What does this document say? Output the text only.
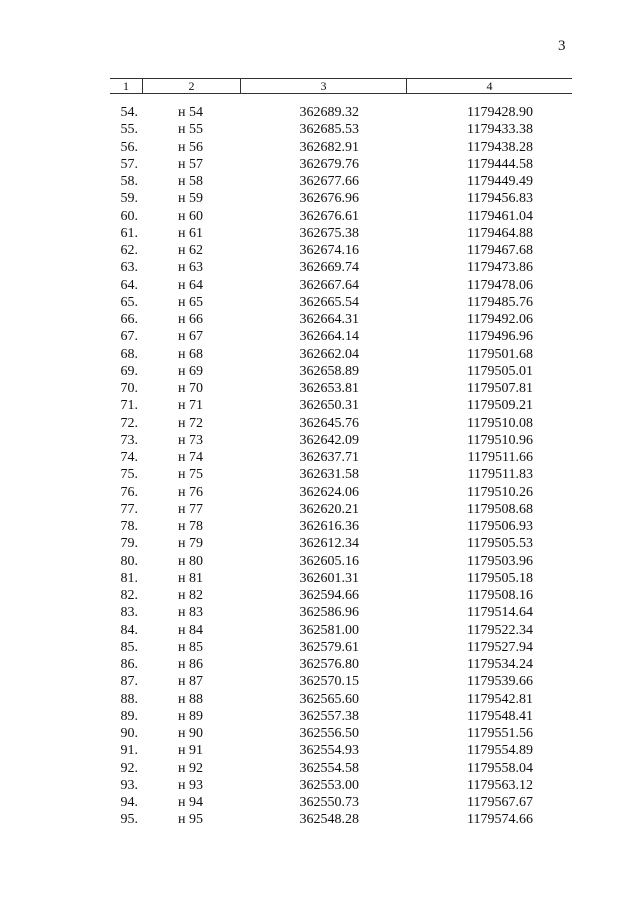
3
1	2	3	4
54.	н 54	362689.32	1179428.90
55.	н 55	362685.53	1179433.38
56.	н 56	362682.91	1179438.28
57.	н 57	362679.76	1179444.58
58.	н 58	362677.66	1179449.49
59.	н 59	362676.96	1179456.83
60.	н 60	362676.61	1179461.04
61.	н 61	362675.38	1179464.88
62.	н 62	362674.16	1179467.68
63.	н 63	362669.74	1179473.86
64.	н 64	362667.64	1179478.06
65.	н 65	362665.54	1179485.76
66.	н 66	362664.31	1179492.06
67.	н 67	362664.14	1179496.96
68.	н 68	362662.04	1179501.68
69.	н 69	362658.89	1179505.01
70.	н 70	362653.81	1179507.81
71.	н 71	362650.31	1179509.21
72.	н 72	362645.76	1179510.08
73.	н 73	362642.09	1179510.96
74.	н 74	362637.71	1179511.66
75.	н 75	362631.58	1179511.83
76.	н 76	362624.06	1179510.26
77.	н 77	362620.21	1179508.68
78.	н 78	362616.36	1179506.93
79.	н 79	362612.34	1179505.53
80.	н 80	362605.16	1179503.96
81.	н 81	362601.31	1179505.18
82.	н 82	362594.66	1179508.16
83.	н 83	362586.96	1179514.64
84.	н 84	362581.00	1179522.34
85.	н 85	362579.61	1179527.94
86.	н 86	362576.80	1179534.24
87.	н 87	362570.15	1179539.66
88.	н 88	362565.60	1179542.81
89.	н 89	362557.38	1179548.41
90.	н 90	362556.50	1179551.56
91.	н 91	362554.93	1179554.89
92.	н 92	362554.58	1179558.04
93.	н 93	362553.00	1179563.12
94.	н 94	362550.73	1179567.67
95.	н 95	362548.28	1179574.66
